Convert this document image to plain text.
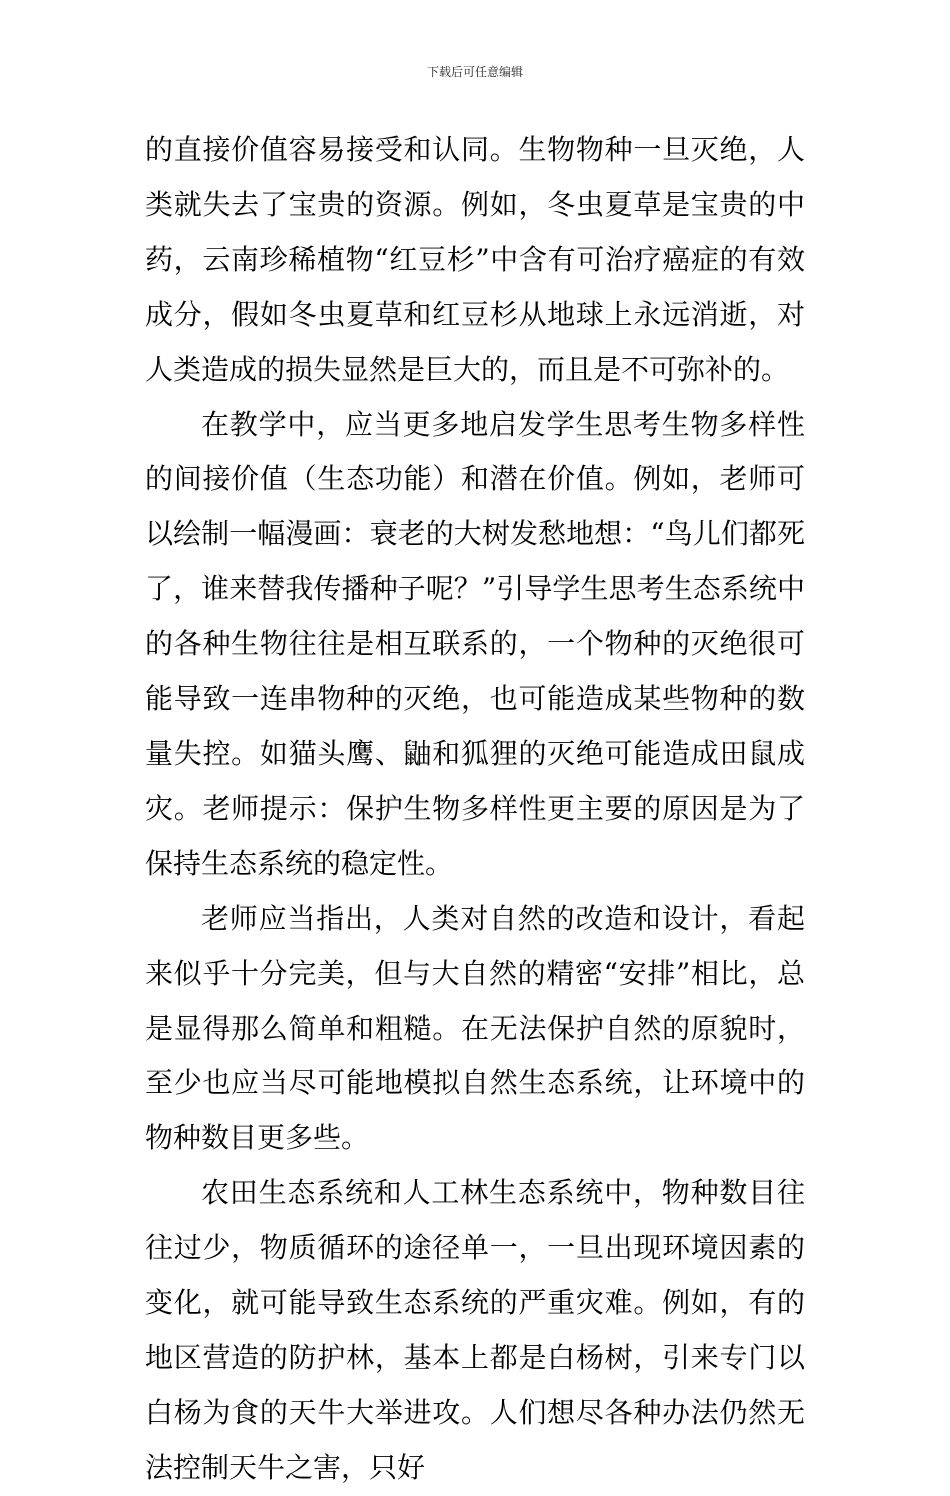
下载后可任意编辑

的直接价值容易接受和认同。生物物种一旦灭绝，人类就失去了宝贵的资源。例如，冬虫夏草是宝贵的中药，云南珍稀植物“红豆杉”中含有可治疗癌症的有效成分，假如冬虫夏草和红豆杉从地球上永远消逝，对人类造成的损失显然是巨大的，而且是不可弥补的。

在教学中，应当更多地启发学生思考生物多样性的间接价值（生态功能）和潜在价值。例如，老师可以绘制一幅漫画：衰老的大树发愁地想：“鸟儿们都死了，谁来替我传播种子呢？”引导学生思考生态系统中的各种生物往往是相互联系的，一个物种的灭绝很可能导致一连串物种的灭绝，也可能造成某些物种的数量失控。如猫头鹰、鼬和狐狸的灭绝可能造成田鼠成灾。老师提示：保护生物多样性更主要的原因是为了保持生态系统的稳定性。

老师应当指出，人类对自然的改造和设计，看起来似乎十分完美，但与大自然的精密“安排”相比，总是显得那么简单和粗糙。在无法保护自然的原貌时，至少也应当尽可能地模拟自然生态系统，让环境中的物种数目更多些。

农田生态系统和人工林生态系统中，物种数目往往过少，物质循环的途径单一，一旦出现环境因素的变化，就可能导致生态系统的严重灾难。例如，有的地区营造的防护林，基本上都是白杨树，引来专门以白杨为食的天牛大举进攻。人们想尽各种办法仍然无法控制天牛之害，只好
